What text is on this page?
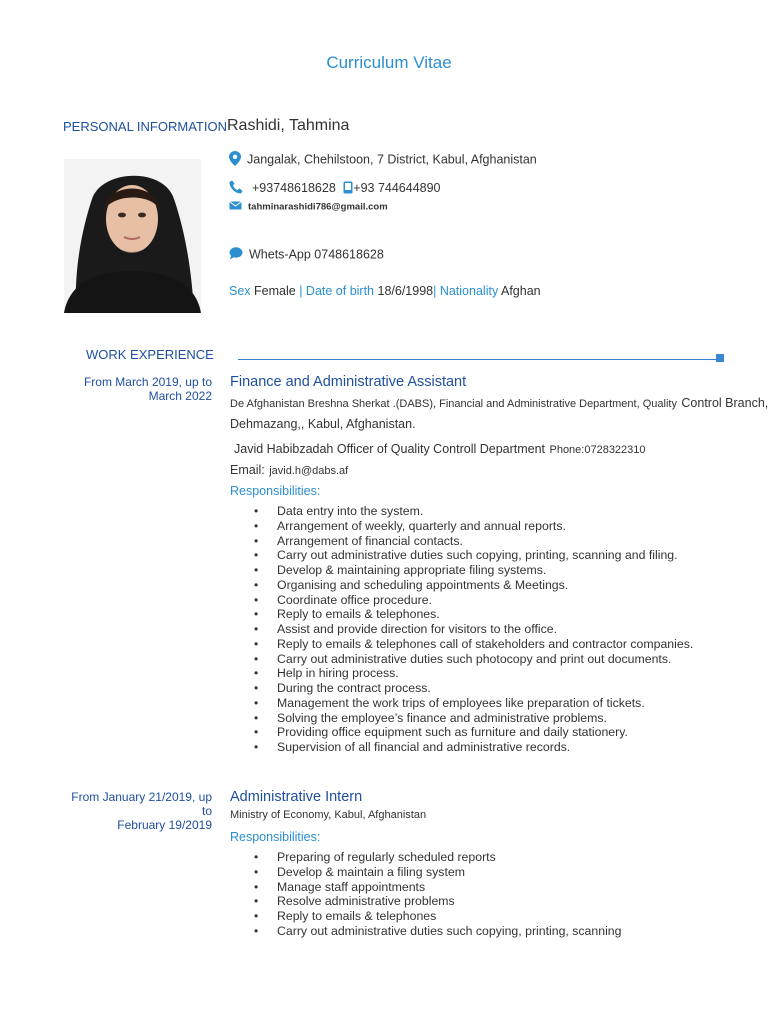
Curriculum Vitae
PERSONAL INFORMATION Rashidi, Tahmina
Jangalak, Chehilstoon, 7 District, Kabul, Afghanistan
+93748618628 +93 744644890
tahminarashidi786@gmail.com
Whets-App 0748618628
Sex Female | Date of birth 18/6/1998| Nationality Afghan
WORK EXPERIENCE
From March 2019, up to
March 2022
Finance and Administrative Assistant
De Afghanistan Breshna Sherkat .(DABS), Financial and Administrative Department, Quality Control Branch,
Dehmazang,, Kabul, Afghanistan.
Javid Habibzadah Officer of Quality Controll Department Phone:0728322310
Email: javid.h@dabs.af
Responsibilities:
• Data entry into the system.
• Arrangement of weekly, quarterly and annual reports.
• Arrangement of financial contacts.
• Carry out administrative duties such copying, printing, scanning and filing.
• Develop & maintaining appropriate filing systems.
• Organising and scheduling appointments & Meetings.
• Coordinate office procedure.
• Reply to emails & telephones.
• Assist and provide direction for visitors to the office.
• Reply to emails & telephones call of stakeholders and contractor companies.
• Carry out administrative duties such photocopy and print out documents.
• Help in hiring process.
• During the contract process.
• Management the work trips of employees like preparation of tickets.
• Solving the employee’s finance and administrative problems.
• Providing office equipment such as furniture and daily stationery.
• Supervision of all financial and administrative records.
From January 21/2019, up to
February 19/2019
Administrative Intern
Ministry of Economy, Kabul, Afghanistan
Responsibilities:
• Preparing of regularly scheduled reports
• Develop & maintain a filing system
• Manage staff appointments
• Resolve administrative problems
• Reply to emails & telephones
• Carry out administrative duties such copying, printing, scanning
